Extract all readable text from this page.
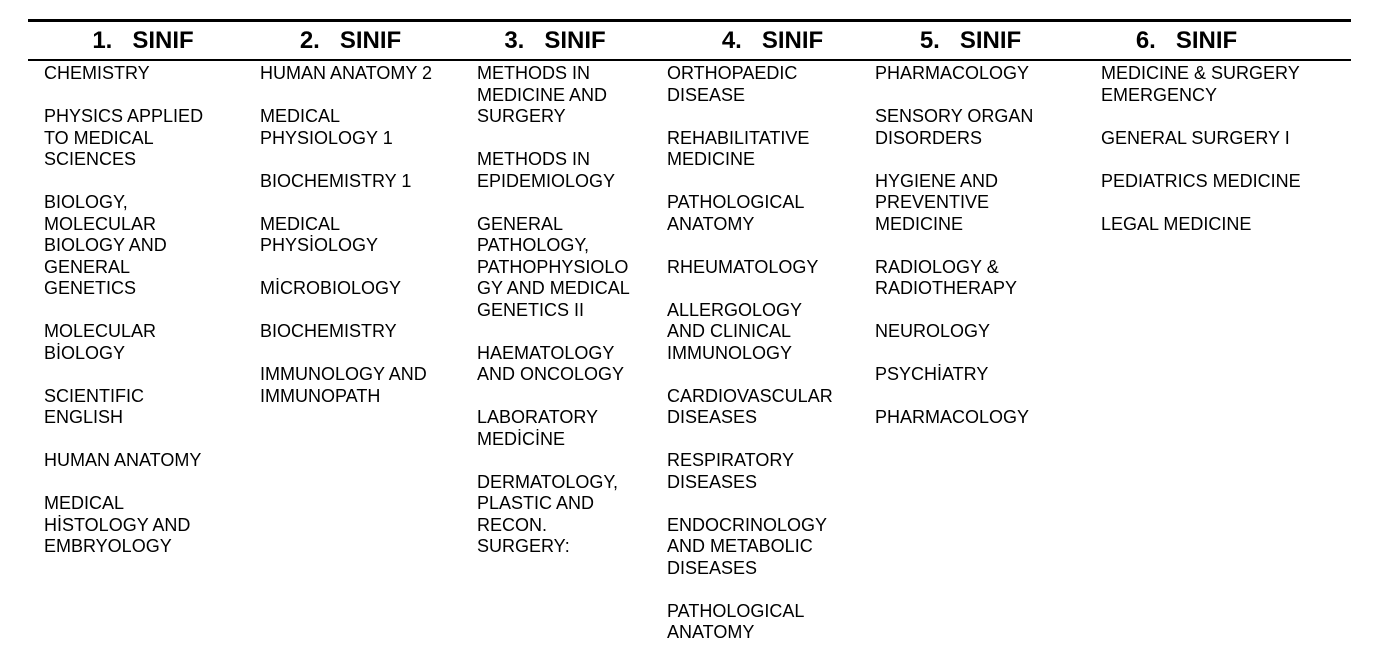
1.   SINIF
CHEMISTRY
PHYSICS APPLIED
TO MEDICAL
SCIENCES
BIOLOGY,
MOLECULAR
BIOLOGY AND
GENERAL
GENETICS
MOLECULAR
BİOLOGY
SCIENTIFIC
ENGLISH
HUMAN ANATOMY
MEDICAL
HİSTOLOGY AND
EMBRYOLOGY
2.   SINIF
HUMAN ANATOMY 2
MEDICAL
PHYSIOLOGY 1
BIOCHEMISTRY 1
MEDICAL
PHYSİOLOGY
MİCROBIOLOGY
BIOCHEMISTRY
IMMUNOLOGY AND
IMMUNOPATH
3.   SINIF
METHODS IN
MEDICINE AND
SURGERY
METHODS IN
EPIDEMIOLOGY
GENERAL
PATHOLOGY,
PATHOPHYSIOLO
GY AND MEDICAL
GENETICS II
HAEMATOLOGY
AND ONCOLOGY
LABORATORY
MEDİCİNE
DERMATOLOGY,
PLASTIC AND
RECON.
SURGERY:
4.   SINIF
ORTHOPAEDIC
DISEASE
REHABILITATIVE
MEDICINE
PATHOLOGICAL
ANATOMY
RHEUMATOLOGY
ALLERGOLOGY
AND CLINICAL
IMMUNOLOGY
CARDIOVASCULAR
DISEASES
RESPIRATORY
DISEASES
ENDOCRINOLOGY
AND METABOLIC
DISEASES
PATHOLOGICAL
ANATOMY
5.   SINIF
PHARMACOLOGY
SENSORY ORGAN
DISORDERS
HYGIENE AND
PREVENTIVE
MEDICINE
RADIOLOGY &
RADIOTHERAPY
NEUROLOGY
PSYCHİATRY
PHARMACOLOGY
6.   SINIF
MEDICINE & SURGERY
EMERGENCY
GENERAL SURGERY I
PEDIATRICS MEDICINE
LEGAL MEDICINE
